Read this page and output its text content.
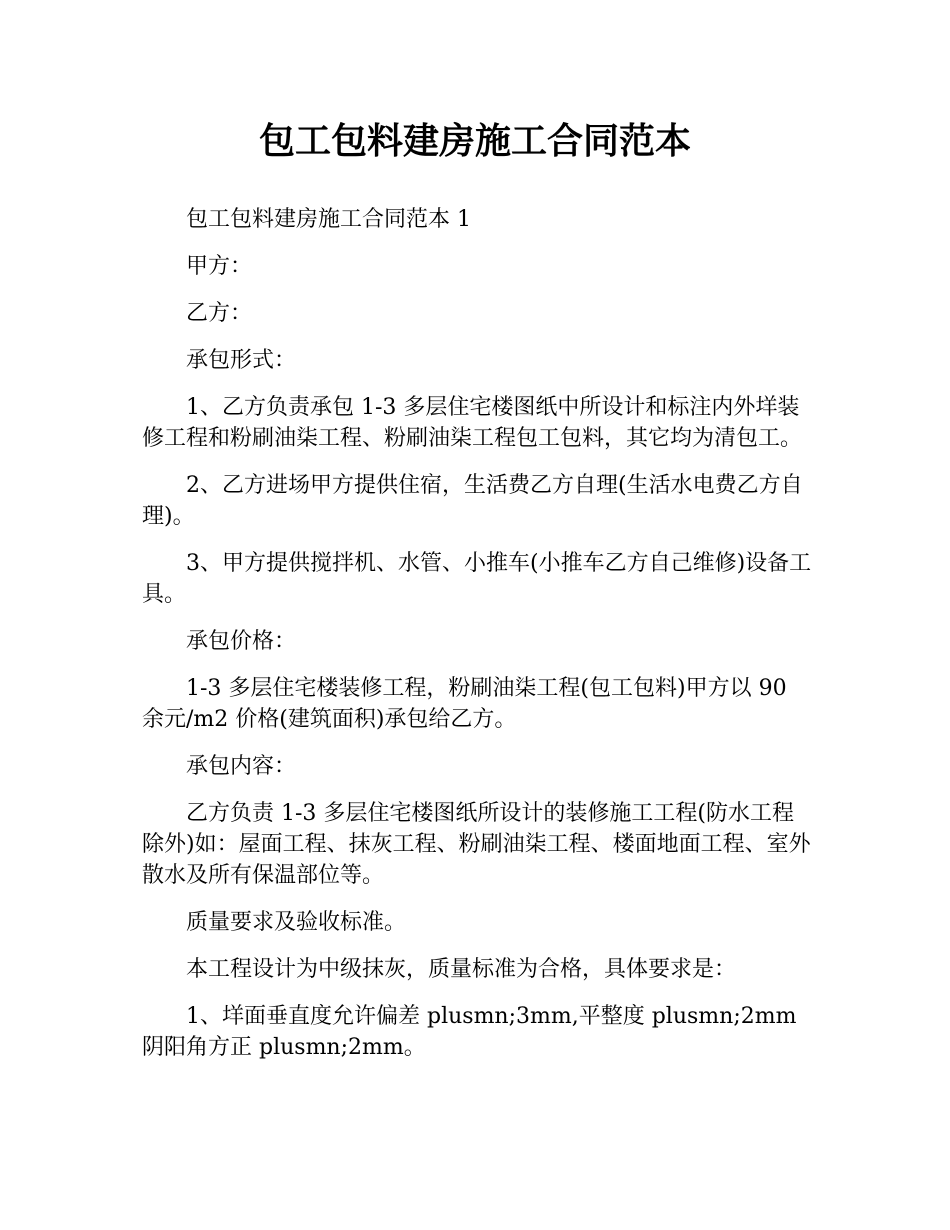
包工包料建房施工合同范本

包工包料建房施工合同范本 1

甲方：

乙方：

承包形式：

1、乙方负责承包 1-3 多层住宅楼图纸中所设计和标注内外垟装修工程和粉刷油柒工程、粉刷油柒工程包工包料，其它均为清包工。

2、乙方进场甲方提供住宿，生活费乙方自理(生活水电费乙方自理)。

3、甲方提供搅拌机、水管、小推车(小推车乙方自己维修)设备工具。

承包价格：

1-3 多层住宅楼装修工程，粉刷油柒工程(包工包料)甲方以 90 余元/m2 价格(建筑面积)承包给乙方。

承包内容：

乙方负责 1-3 多层住宅楼图纸所设计的装修施工工程(防水工程除外)如：屋面工程、抹灰工程、粉刷油柒工程、楼面地面工程、室外散水及所有保温部位等。

质量要求及验收标准。

本工程设计为中级抹灰，质量标准为合格，具体要求是：

1、垟面垂直度允许偏差 plusmn;3mm,平整度 plusmn;2mm 阴阳角方正 plusmn;2mm。
